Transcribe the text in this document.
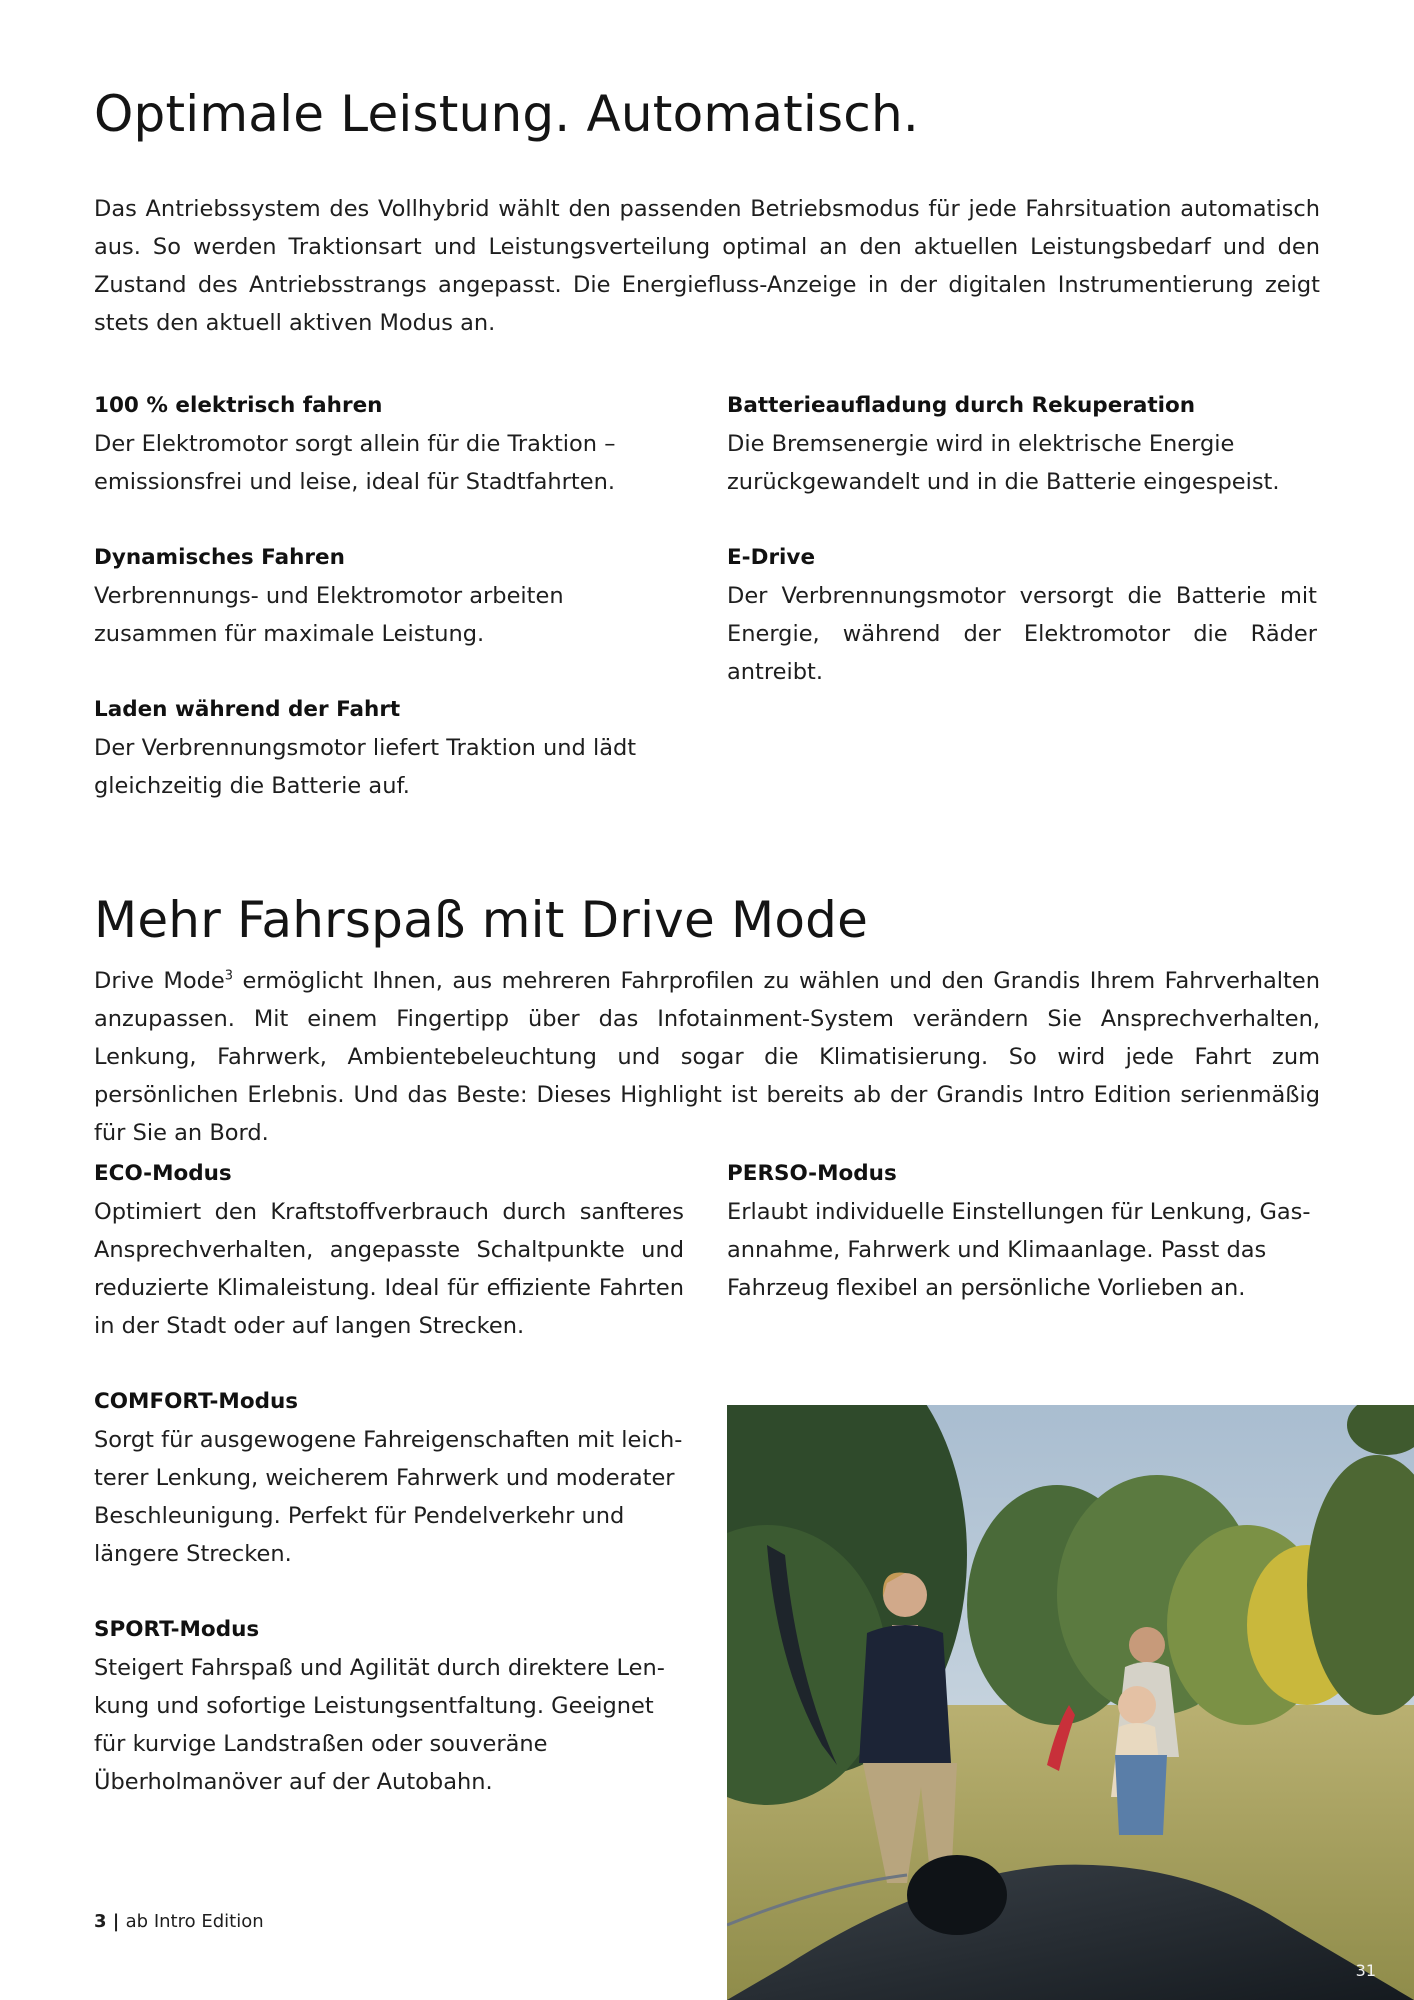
Optimale Leistung. Automatisch.

Das Antriebssystem des Vollhybrid wählt den passenden Betriebsmodus für jede Fahrsituation automatisch aus. So werden Traktionsart und Leistungsverteilung optimal an den aktuellen Leistungsbedarf und den Zustand des Antriebsstrangs angepasst. Die Energiefluss-Anzeige in der digitalen Instrumentierung zeigt stets den aktuell aktiven Modus an.

100 % elektrisch fahren
Der Elektromotor sorgt allein für die Traktion – emissionsfrei und leise, ideal für Stadtfahrten.
Batterieaufladung durch Rekuperation
Die Bremsenergie wird in elektrische Energie zurückgewandelt und in die Batterie eingespeist.
Dynamisches Fahren
Verbrennungs- und Elektromotor arbeiten zusammen für maximale Leistung.
E-Drive
Der Verbrennungsmotor versorgt die Batterie mit Energie, während der Elektromotor die Räder antreibt.
Laden während der Fahrt
Der Verbrennungsmotor liefert Traktion und lädt gleichzeitig die Batterie auf.
Mehr Fahrspaß mit Drive Mode

Drive Mode$^3$ ermöglicht Ihnen, aus mehreren Fahrprofilen zu wählen und den Grandis Ihrem Fahrverhalten anzupassen. Mit einem Fingertipp über das Infotainment-System verändern Sie Ansprechverhalten, Lenkung, Fahrwerk, Ambientebeleuchtung und sogar die Klimatisierung. So wird jede Fahrt zum persönlichen Erlebnis. Und das Beste: Dieses Highlight ist bereits ab der Grandis Intro Edition serienmäßig für Sie an Bord.

ECO-Modus
Optimiert den Kraftstoffverbrauch durch sanfteres Ansprechverhalten, angepasste Schaltpunkte und reduzierte Klimaleistung. Ideal für effiziente Fahrten in der Stadt oder auf langen Strecken.
PERSO-Modus
Erlaubt individuelle Einstellungen für Lenkung, Gasannahme, Fahrwerk und Klimaanlage. Passt das Fahrzeug flexibel an persönliche Vorlieben an.
COMFORT-Modus
Sorgt für ausgewogene Fahreigenschaften mit leichterer Lenkung, weicherem Fahrwerk und moderater Beschleunigung. Perfekt für Pendelverkehr und längere Strecken.
SPORT-Modus
Steigert Fahrspaß und Agilität durch direktere Lenkung und sofortige Leistungsentfaltung. Geeignet für kurvige Landstraßen oder souveräne Überholmanöver auf der Autobahn.
3 | ab Intro Edition
31
